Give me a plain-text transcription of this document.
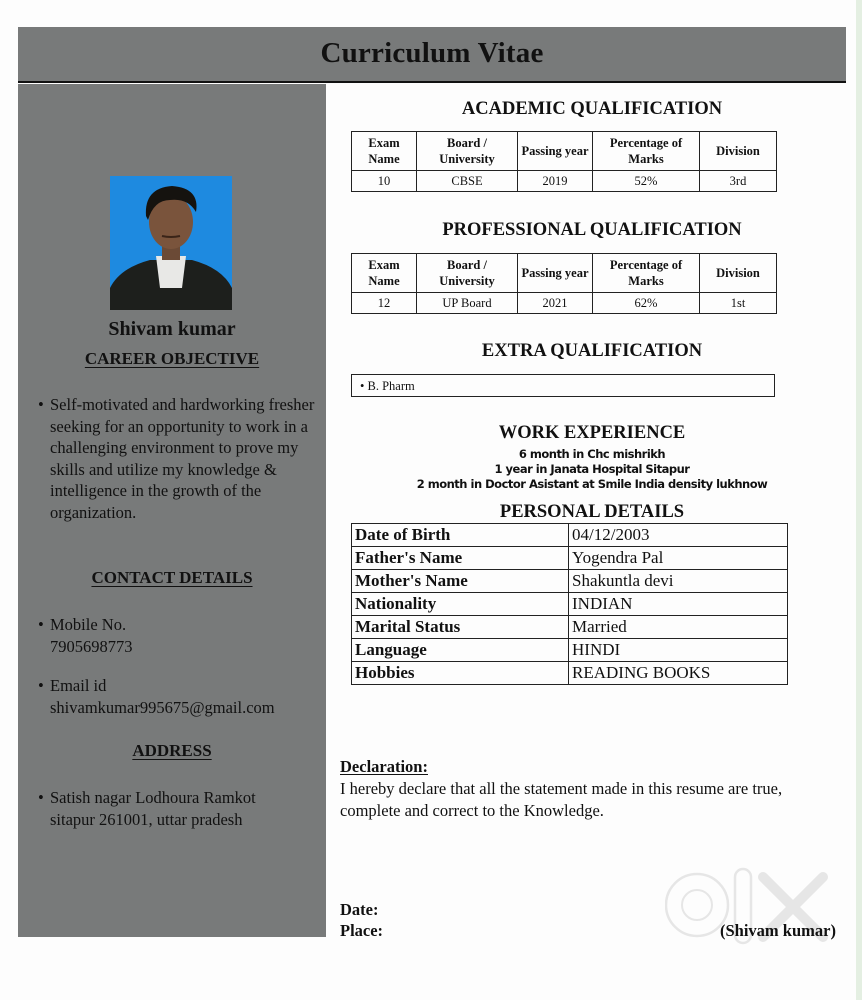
Curriculum Vitae
Shivam kumar
CAREER OBJECTIVE
• Self-motivated and hardworking fresher seeking for an opportunity to work in a challenging environment to prove my skills and utilize my knowledge & intelligence in the growth of the organization.
CONTACT DETAILS
• Mobile No.
7905698773
• Email id
shivamkumar995675@gmail.com
ADDRESS
• Satish nagar Lodhoura Ramkot
sitapur 261001, uttar pradesh
ACADEMIC QUALIFICATION
Exam Name	Board / University	Passing year	Percentage of Marks	Division
10	CBSE	2019	52%	3rd
PROFESSIONAL QUALIFICATION
Exam Name	Board / University	Passing year	Percentage of Marks	Division
12	UP Board	2021	62%	1st
EXTRA QUALIFICATION
• B. Pharm
WORK EXPERIENCE
6 month in Chc mishrikh
1 year in Janata Hospital Sitapur
2 month in Doctor Asistant at Smile India density lukhnow
PERSONAL DETAILS
Date of Birth	04/12/2003
Father's Name	Yogendra Pal
Mother's Name	Shakuntla devi
Nationality	INDIAN
Marital Status	Married
Language	HINDI
Hobbies	READING BOOKS
Declaration:
I hereby declare that all the statement made in this resume are true, complete and correct to the Knowledge.
Date:
Place:	(Shivam kumar)
